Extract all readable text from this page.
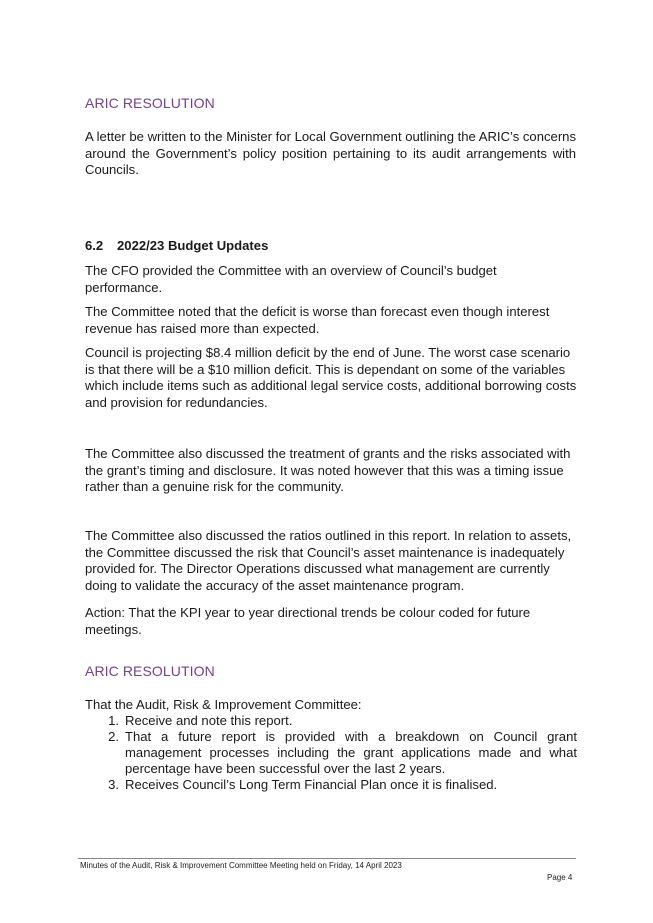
ARIC RESOLUTION
A letter be written to the Minister for Local Government outlining the ARIC’s concerns around the Government’s policy position pertaining to its audit arrangements with Councils.
6.2	2022/23 Budget Updates
The CFO provided the Committee with an overview of Council’s budget performance.
The Committee noted that the deficit is worse than forecast even though interest revenue has raised more than expected.
Council is projecting $8.4 million deficit by the end of June. The worst case scenario is that there will be a $10 million deficit. This is dependant on some of the variables which include items such as additional legal service costs, additional borrowing costs and provision for redundancies.
The Committee also discussed the treatment of grants and the risks associated with the grant’s timing and disclosure. It was noted however that this was a timing issue rather than a genuine risk for the community.
The Committee also discussed the ratios outlined in this report. In relation to assets, the Committee discussed the risk that Council’s asset maintenance is inadequately provided for. The Director Operations discussed what management are currently doing to validate the accuracy of the asset maintenance program.
Action: That the KPI year to year directional trends be colour coded for future meetings.
ARIC RESOLUTION
That the Audit, Risk & Improvement Committee:
1. Receive and note this report.
2. That a future report is provided with a breakdown on Council grant management processes including the grant applications made and what percentage have been successful over the last 2 years.
3. Receives Council’s Long Term Financial Plan once it is finalised.
Minutes of the Audit, Risk & Improvement Committee Meeting held on Friday, 14 April 2023
Page 4
